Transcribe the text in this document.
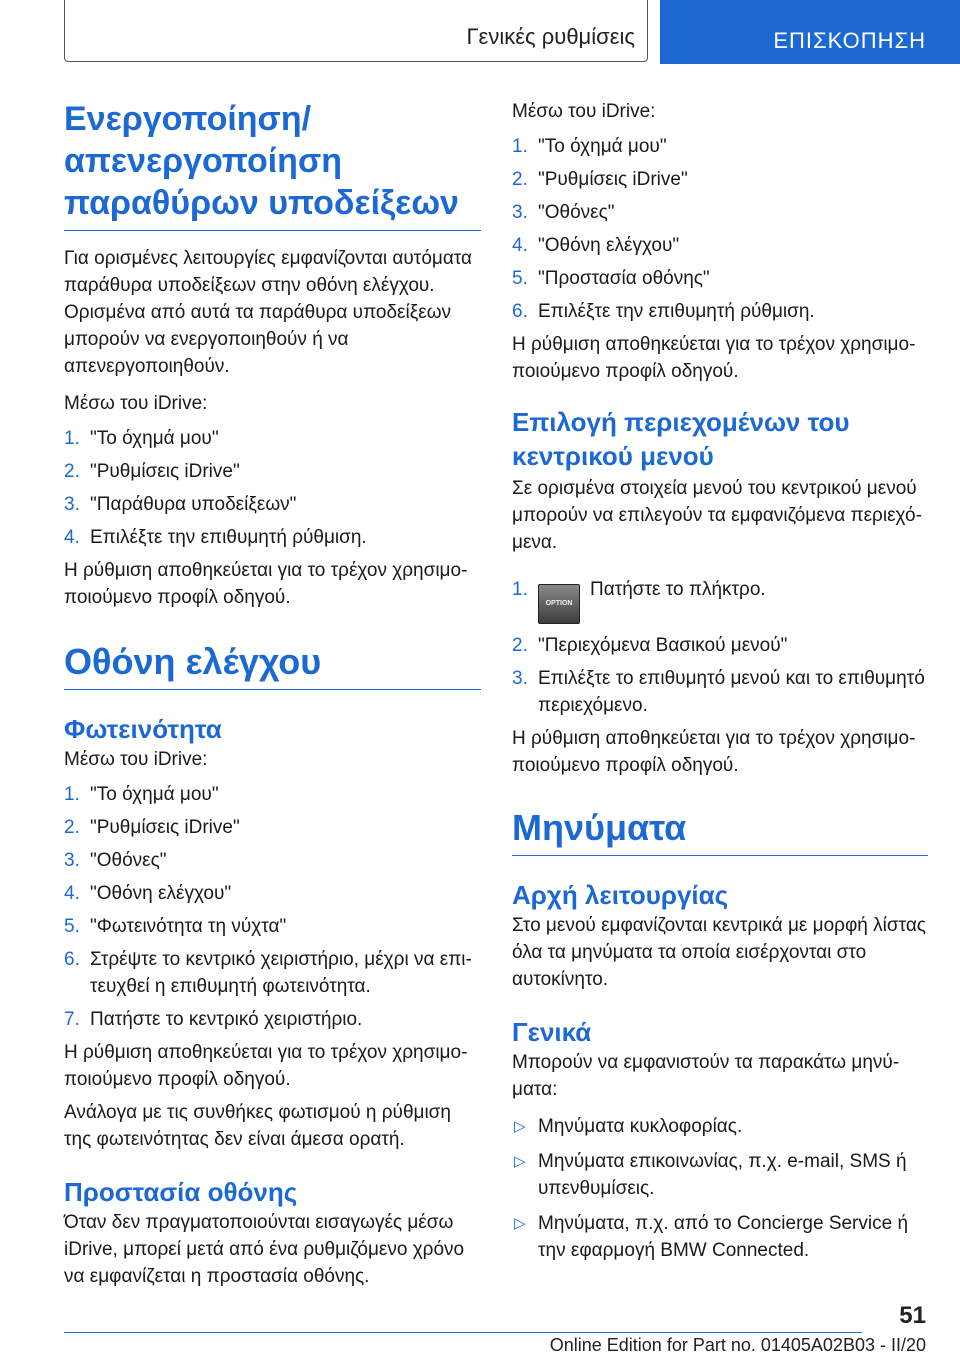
Γενικές ρυθμίσεις	ΕΠΙΣΚΟΠΗΣΗ
Ενεργοποίηση/ απενεργοποίηση παραθύρων υποδείξεων

Για ορισμένες λειτουργίες εμφανίζονται αυτόματα παράθυρα υποδείξεων στην οθόνη ελέγχου. Ορισμένα από αυτά τα παράθυρα υποδείξεων μπορούν να ενεργοποιηθούν ή να απενεργοποιηθούν.

Μέσω του iDrive:

1. "Το όχημά μου"
2. "Ρυθμίσεις iDrive"
3. "Παράθυρα υποδείξεων"
4. Επιλέξτε την επιθυμητή ρύθμιση.

Η ρύθμιση αποθηκεύεται για το τρέχον χρησιμοποιούμενο προφίλ οδηγού.

Οθόνη ελέγχου
Φωτεινότητα

Μέσω του iDrive:

1. "Το όχημά μου"
2. "Ρυθμίσεις iDrive"
3. "Οθόνες"
4. "Οθόνη ελέγχου"
5. "Φωτεινότητα τη νύχτα"
6. Στρέψτε το κεντρικό χειριστήριο, μέχρι να επιτευχθεί η επιθυμητή φωτεινότητα.
7. Πατήστε το κεντρικό χειριστήριο.

Η ρύθμιση αποθηκεύεται για το τρέχον χρησιμοποιούμενο προφίλ οδηγού.

Ανάλογα με τις συνθήκες φωτισμού η ρύθμιση της φωτεινότητας δεν είναι άμεσα ορατή.

Προστασία οθόνης

Όταν δεν πραγματοποιούνται εισαγωγές μέσω iDrive, μπορεί μετά από ένα ρυθμιζόμενο χρόνο να εμφανίζεται η προστασία οθόνης.

Μέσω του iDrive:

1. "Το όχημά μου"
2. "Ρυθμίσεις iDrive"
3. "Οθόνες"
4. "Οθόνη ελέγχου"
5. "Προστασία οθόνης"
6. Επιλέξτε την επιθυμητή ρύθμιση.

Η ρύθμιση αποθηκεύεται για το τρέχον χρησιμοποιούμενο προφίλ οδηγού.

Επιλογή περιεχομένων του κεντρικού μενού

Σε ορισμένα στοιχεία μενού του κεντρικού μενού μπορούν να επιλεγούν τα εμφανιζόμενα περιεχόμενα.

1.
OPTIONΠατήστε το πλήκτρο.
2. "Περιεχόμενα Βασικού μενού"
3. Επιλέξτε το επιθυμητό μενού και το επιθυμητό περιεχόμενο.

Η ρύθμιση αποθηκεύεται για το τρέχον χρησιμοποιούμενο προφίλ οδηγού.

Μηνύματα
Αρχή λειτουργίας

Στο μενού εμφανίζονται κεντρικά με μορφή λίστας όλα τα μηνύματα τα οποία εισέρχονται στο αυτοκίνητο.

Γενικά

Μπορούν να εμφανιστούν τα παρακάτω μηνύματα:

▷ Μηνύματα κυκλοφορίας.
▷ Μηνύματα επικοινωνίας, π.χ. e-mail, SMS ή υπενθυμίσεις.
▷ Μηνύματα, π.χ. από το Concierge Service ή την εφαρμογή BMW Connected.
51
Online Edition for Part no. 01405A02B03 - II/20
